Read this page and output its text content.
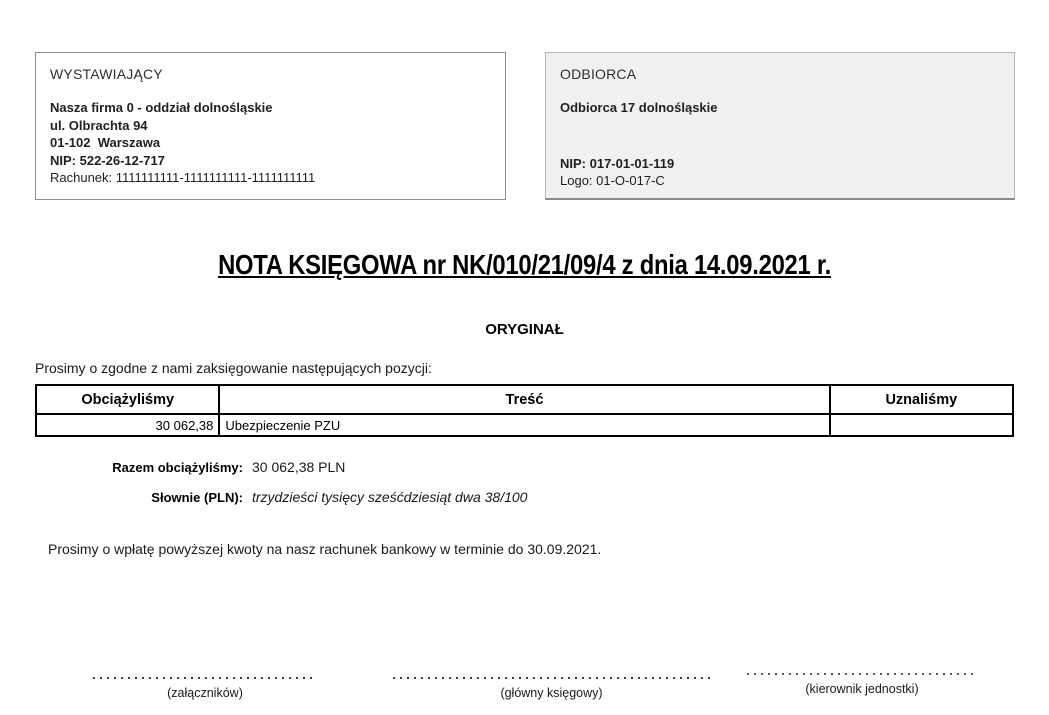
WYSTAWIAJĄCY
Nasza firma 0 - oddział dolnośląskie
ul. Olbrachta 94
01-102  Warszawa
NIP: 522-26-12-717
Rachunek: 1111111111-1111111111-1111111111
ODBIORCA
Odbiorca 17 dolnośląskie
NIP: 017-01-01-119
Logo: 01-O-017-C
NOTA KSIĘGOWA nr NK/010/21/09/4 z dnia 14.09.2021 r.
ORYGINAŁ
Prosimy o zgodne z nami zaksięgowanie następujących pozycji:
Obciążyliśmy	Treść	Uznaliśmy
30 062,38	Ubezpieczenie PZU	
Razem obciążyliśmy: 30 062,38 PLN
Słownie (PLN): trzydzieści tysięcy sześćdziesiąt dwa 38/100
Prosimy o wpłatę powyższej kwoty na nasz rachunek bankowy w terminie do 30.09.2021.
(załączników)	(główny księgowy)	(kierownik jednostki)
